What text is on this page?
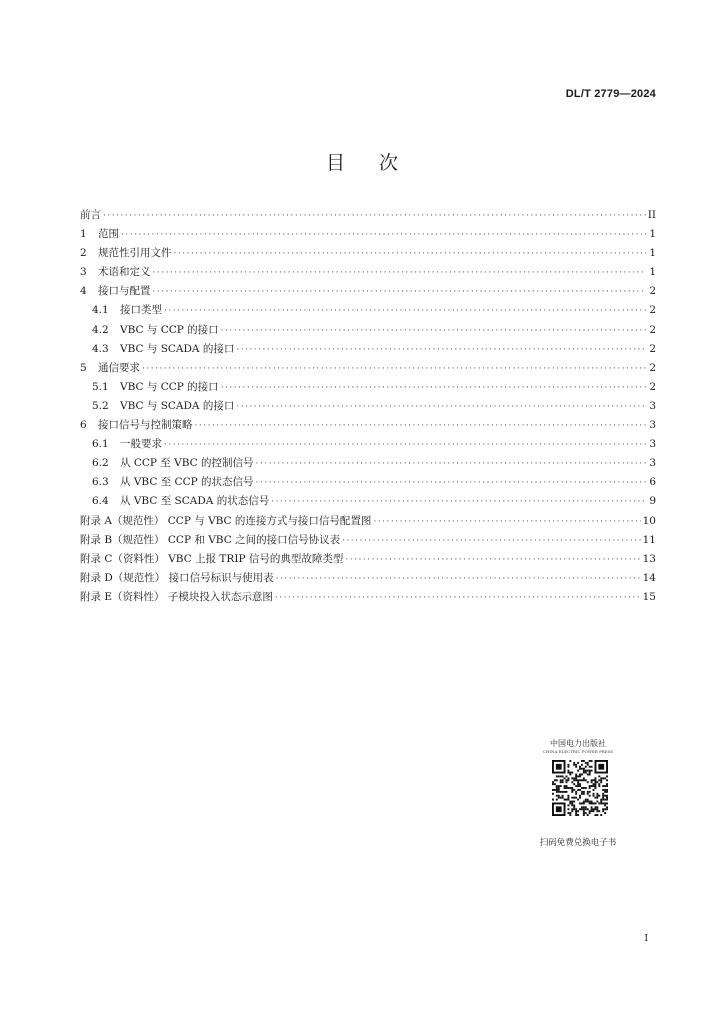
DL/T 2779—2024
目次
前言 ·····	II
1	范围 ·····	1
2	规范性引用文件 ·····	1
3	术语和定义 ·····	1
4	接口与配置 ·····	2
4.1	接口类型 ·····	2
4.2	VBC 与 CCP 的接口 ·····	2
4.3	VBC 与 SCADA 的接口 ·····	2
5	通信要求 ·····	2
5.1	VBC 与 CCP 的接口 ·····	2
5.2	VBC 与 SCADA 的接口 ·····	3
6	接口信号与控制策略 ·····	3
6.1	一般要求 ·····	3
6.2	从 CCP 至 VBC 的控制信号 ·····	3
6.3	从 VBC 至 CCP 的状态信号 ·····	6
6.4	从 VBC 至 SCADA 的状态信号 ·····	9
附录 A（规范性） CCP 与 VBC 的连接方式与接口信号配置图 ·····	10
附录 B（规范性） CCP 和 VBC 之间的接口信号协议表 ·····	11
附录 C（资料性） VBC 上报 TRIP 信号的典型故障类型 ·····	13
附录 D（规范性） 接口信号标识与使用表 ·····	14
附录 E（资料性） 子模块投入状态示意图 ·····	15
中国电力出版社
CHINA ELECTRIC POWER PRESS
扫码免费兑换电子书
I
